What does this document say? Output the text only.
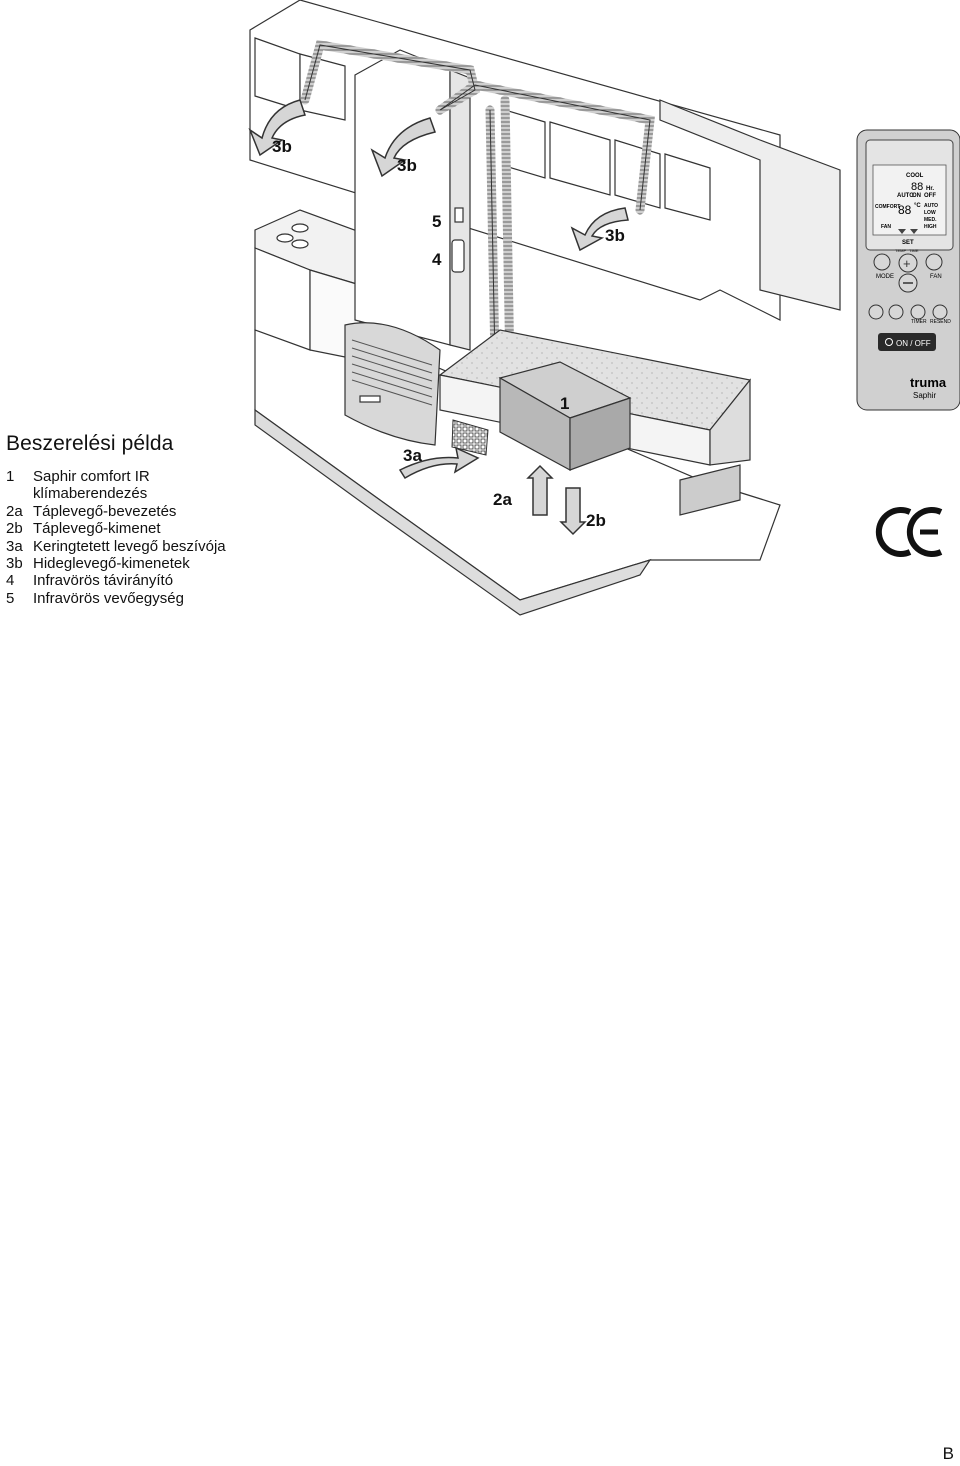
3b
3b
3b
5
4
1
3a
2a
2b
COOL
88 Hr.
AUTO
ON OFF
COMFORT
88 °C AUTO
LOW
MED.
HIGH
FAN
SET
TEMP TIME
+
MODE	FAN
TIMER RESEND
ON / OFF
truma
Saphir
CE
Beszerelési példa
1	Saphir comfort IR klímaberendezés
2a Táplevegő-bevezetés
2b Táplevegő-kimenet
3a Keringtetett levegő beszívója
3b Hideglevegő-kimenetek
4	Infravörös távirányító
5	Infravörös vevőegység
B
